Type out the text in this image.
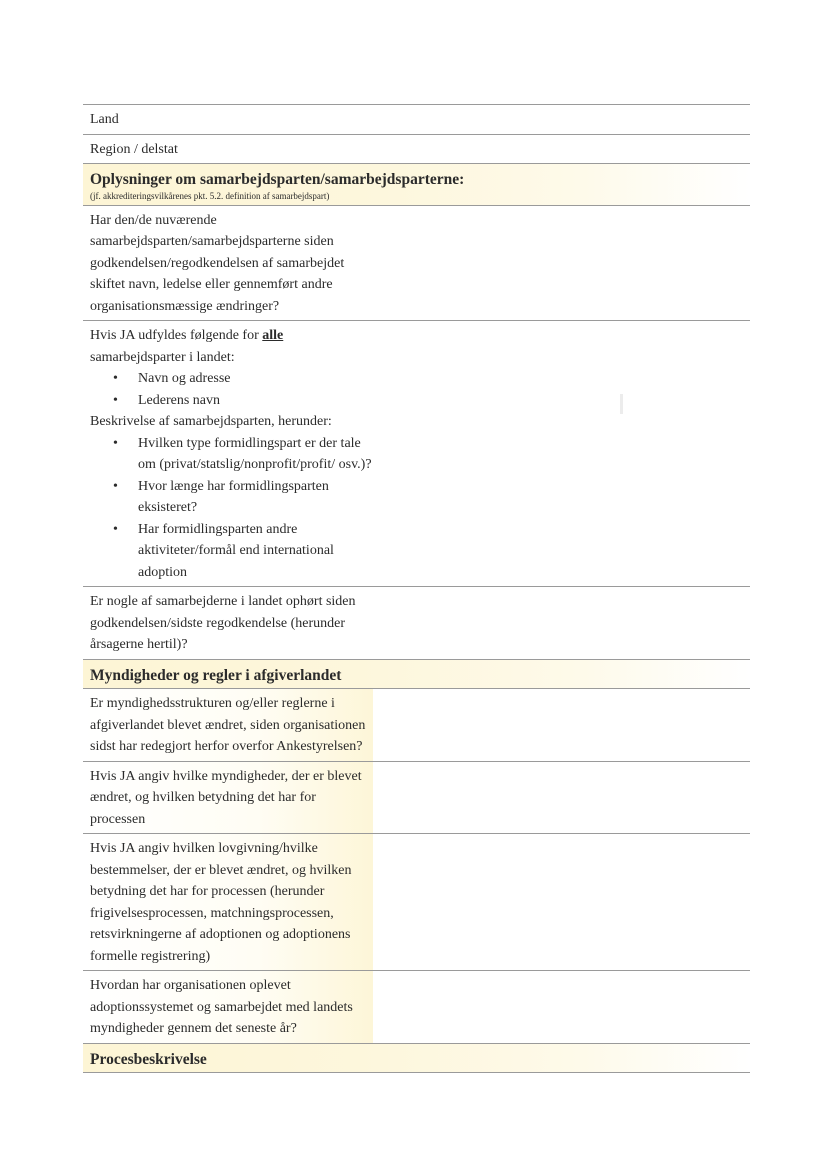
Land
Region / delstat
Oplysninger om samarbejdsparten/samarbejdsparterne:
(jf. akkrediteringsvilkårenes pkt. 5.2. definition af samarbejdspart)
Har den/de nuværende samarbejdsparten/samarbejdsparterne siden godkendelsen/regodkendelsen af samarbejdet skiftet navn, ledelse eller gennemført andre organisationsmæssige ændringer?
Hvis JA udfyldes følgende for alle samarbejdsparter i landet:
• Navn og adresse
• Lederens navn
Beskrivelse af samarbejdsparten, herunder:
• Hvilken type formidlingspart er der tale om (privat/statslig/nonprofit/profit/ osv.)?
• Hvor længe har formidlingsparten eksisteret?
• Har formidlingsparten andre aktiviteter/formål end international adoption
Er nogle af samarbejderne i landet ophørt siden godkendelsen/sidste regodkendelse (herunder årsagerne hertil)?
Myndigheder og regler i afgiverlandet
Er myndighedsstrukturen og/eller reglerne i afgiverlandet blevet ændret, siden organisationen sidst har redegjort herfor overfor Ankestyrelsen?
Hvis JA angiv hvilke myndigheder, der er blevet ændret, og hvilken betydning det har for processen
Hvis JA angiv hvilken lovgivning/hvilke bestemmelser, der er blevet ændret, og hvilken betydning det har for processen (herunder frigivelsesprocessen, matchningsprocessen, retsvirkningerne af adoptionen og adoptionens formelle registrering)
Hvordan har organisationen oplevet adoptionssystemet og samarbejdet med landets myndigheder gennem det seneste år?
Procesbeskrivelse
